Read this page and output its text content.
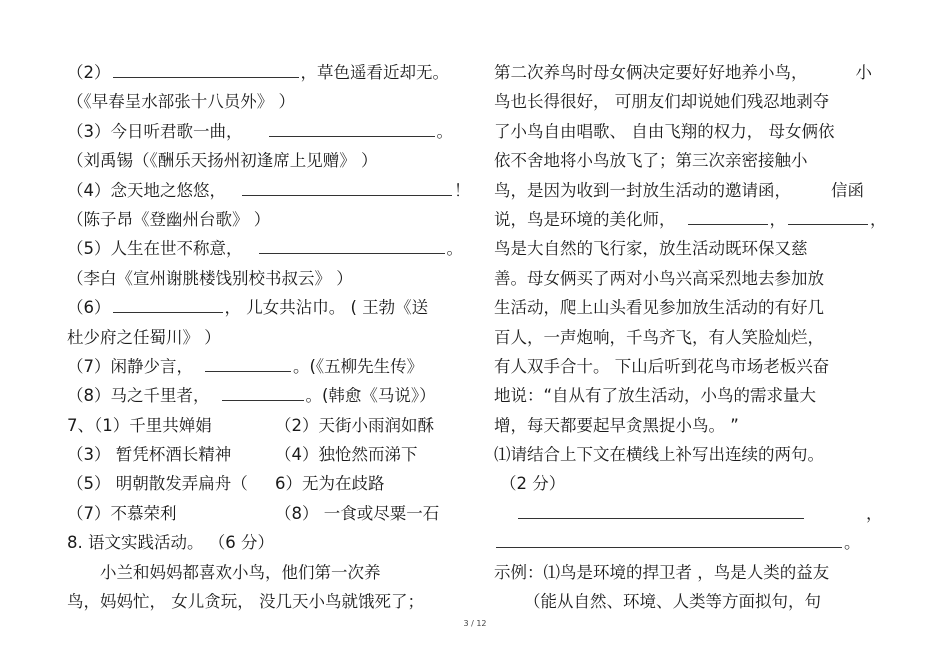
（2）	，草色遥看近却无。
（《早春呈水部张十八员外》 ）
（3）今日听君歌一曲，	。
（刘禹锡（《酬乐天扬州初逢席上见赠》 ）
（4）念天地之悠悠，	！
（陈子昂《登幽州台歌》 ）
（5）人生在世不称意，	。
（李白《宣州谢朓楼饯别校书叔云》 ）
（6）	， 儿女共沾巾。 ( 王勃《送
杜少府之任蜀川》 ）
（7）闲静少言，	。(《五柳先生传》
（8）马之千里者，	。(韩愈《马说》）
7、（1）千里共婵娟	（2）天街小雨润如酥
（3） 暂凭杯酒长精神	（4）独怆然而涕下
（5） 明朝散发弄扁舟（ 6）无为在歧路
（7）不慕荣利	（8） 一食或尽粟一石
8. 语文实践活动。 （6 分）
小兰和妈妈都喜欢小鸟，他们第一次养
鸟，妈妈忙， 女儿贪玩， 没几天小鸟就饿死了；
第二次养鸟时母女俩决定要好好地养小鸟，	小
鸟也长得很好， 可朋友们却说她们残忍地剥夺
了小鸟自由唱歌、 自由飞翔的权力， 母女俩依
依不舍地将小鸟放飞了；第三次亲密接触小
鸟，是因为收到一封放生活动的邀请函， 信函
说，鸟是环境的美化师，	，	，
鸟是大自然的飞行家，放生活动既环保又慈
善。母女俩买了两对小鸟兴高采烈地去参加放
生活动，爬上山头看见参加放生活动的有好几
百人，一声炮响，千鸟齐飞，有人笑脸灿烂，
有人双手合十。 下山后听到花鸟市场老板兴奋
地说：“自从有了放生活动，小鸟的需求量大
增，每天都要起早贪黑捉小鸟。 ”
⑴请结合上下文在横线上补写出连续的两句。
（2 分）
，
。
示例：⑴鸟是环境的捍卫者 ，鸟是人类的益友
（能从自然、环境、人类等方面拟句，句
3 / 12
